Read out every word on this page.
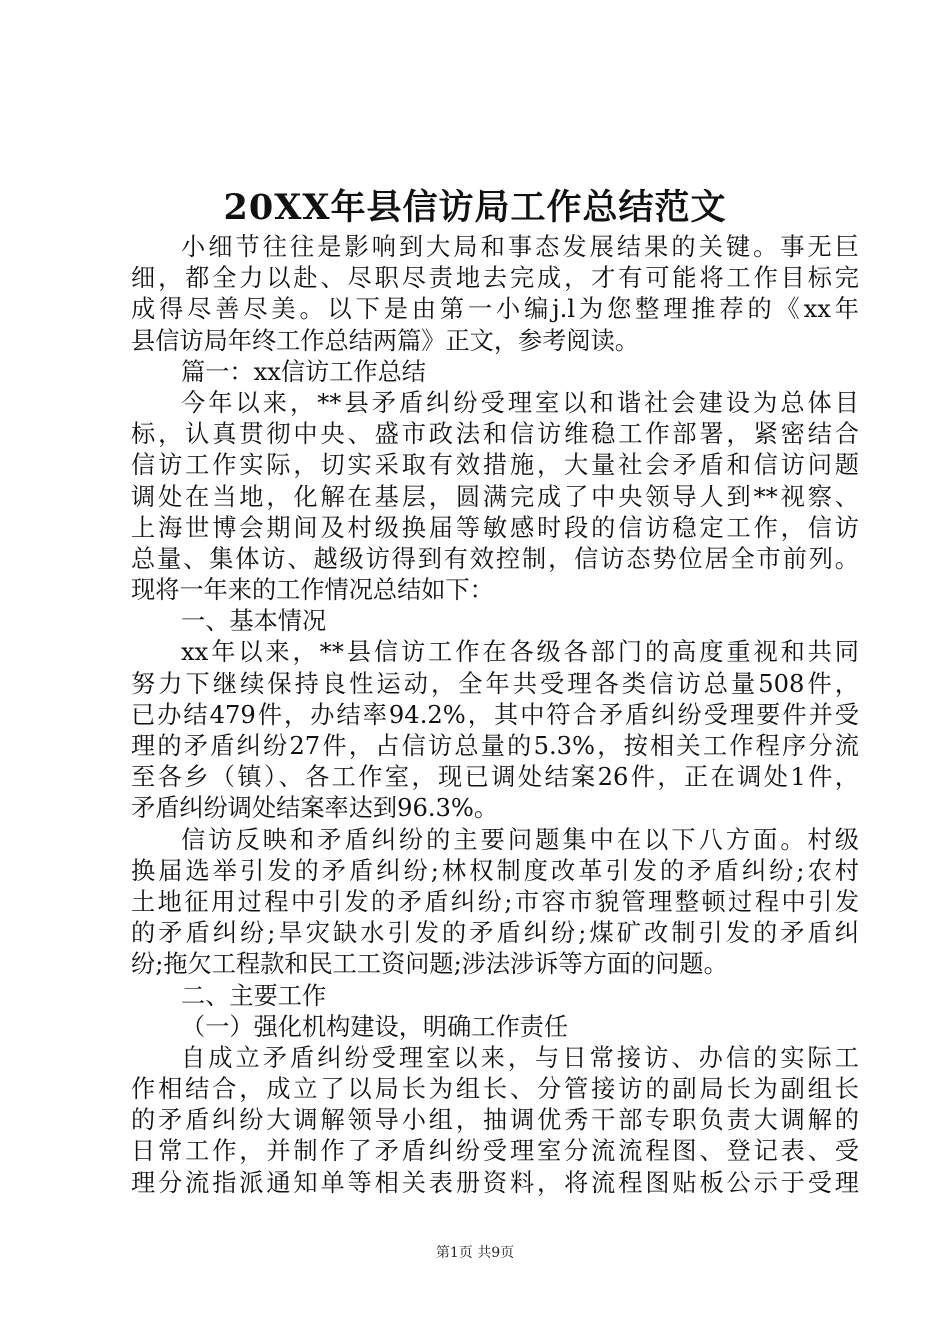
20XX年县信访局工作总结范文
小细节往往是影响到大局和事态发展结果的关键。事无巨
细，都全力以赴、尽职尽责地去完成，才有可能将工作目标完
成得尽善尽美。以下是由第一小编j.l为您整理推荐的《xx年
县信访局年终工作总结两篇》正文，参考阅读。
篇一：xx信访工作总结
今年以来，**县矛盾纠纷受理室以和谐社会建设为总体目
标，认真贯彻中央、盛市政法和信访维稳工作部署，紧密结合
信访工作实际，切实采取有效措施，大量社会矛盾和信访问题
调处在当地，化解在基层，圆满完成了中央领导人到**视察、
上海世博会期间及村级换届等敏感时段的信访稳定工作，信访
总量、集体访、越级访得到有效控制，信访态势位居全市前列。
现将一年来的工作情况总结如下：
一、基本情况
xx年以来，**县信访工作在各级各部门的高度重视和共同
努力下继续保持良性运动，全年共受理各类信访总量508件，
已办结479件，办结率94.2%，其中符合矛盾纠纷受理要件并受
理的矛盾纠纷27件，占信访总量的5.3%，按相关工作程序分流
至各乡（镇）、各工作室，现已调处结案26件，正在调处1件，
矛盾纠纷调处结案率达到96.3%。
信访反映和矛盾纠纷的主要问题集中在以下八方面。村级
换届选举引发的矛盾纠纷;林权制度改革引发的矛盾纠纷;农村
土地征用过程中引发的矛盾纠纷;市容市貌管理整顿过程中引发
的矛盾纠纷;旱灾缺水引发的矛盾纠纷;煤矿改制引发的矛盾纠
纷;拖欠工程款和民工工资问题;涉法涉诉等方面的问题。
二、主要工作
（一）强化机构建设，明确工作责任
自成立矛盾纠纷受理室以来，与日常接访、办信的实际工
作相结合，成立了以局长为组长、分管接访的副局长为副组长
的矛盾纠纷大调解领导小组，抽调优秀干部专职负责大调解的
日常工作，并制作了矛盾纠纷受理室分流流程图、登记表、受
理分流指派通知单等相关表册资料，将流程图贴板公示于受理
第1页 共9页
